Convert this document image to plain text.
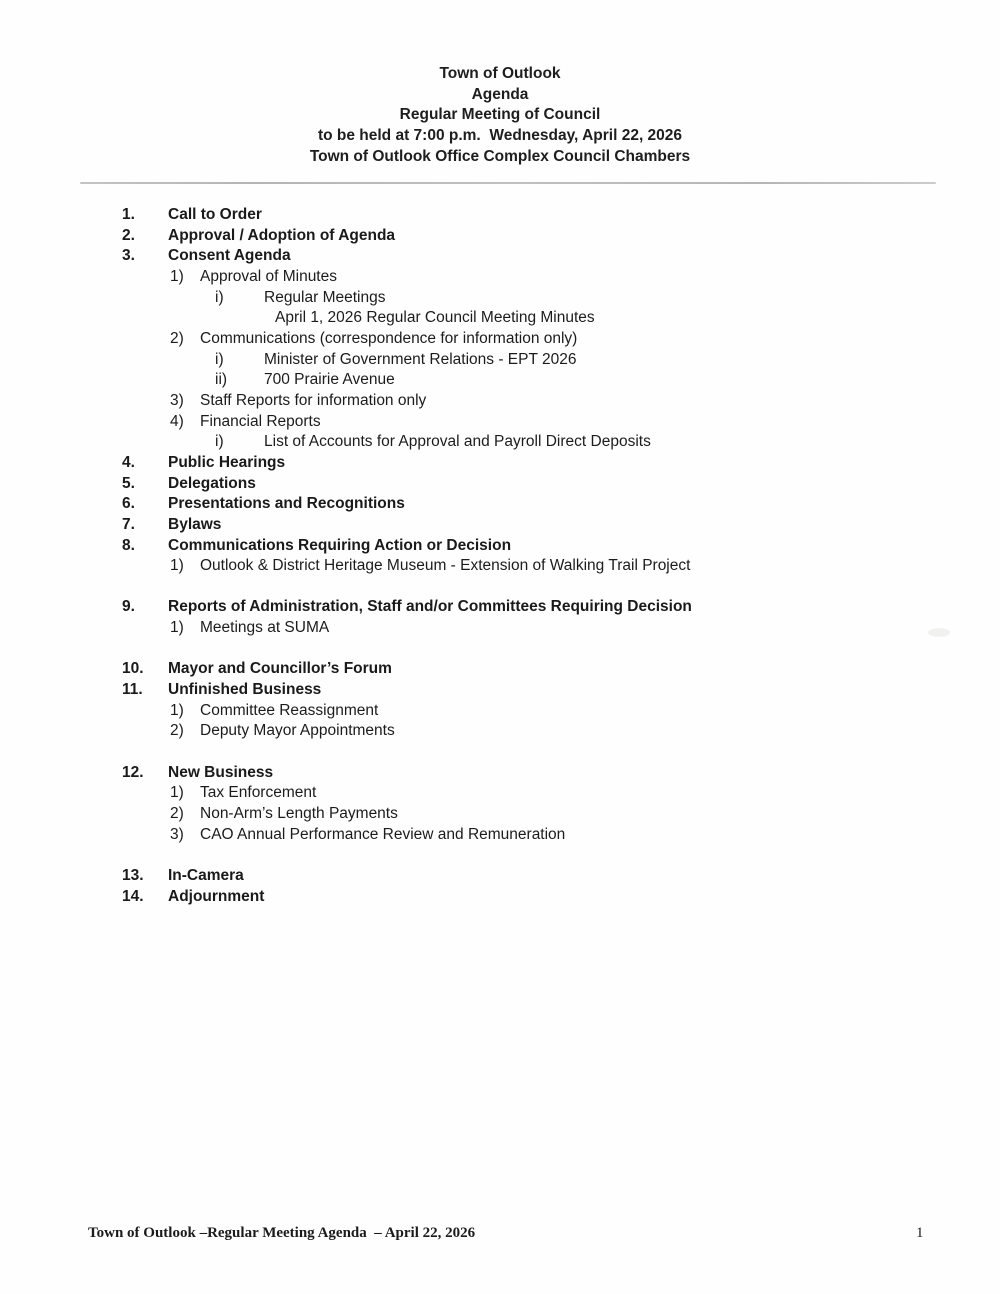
Town of Outlook
Agenda
Regular Meeting of Council
to be held at 7:00 p.m.  Wednesday, April 22, 2026
Town of Outlook Office Complex Council Chambers
1.	Call to Order
2.	Approval / Adoption of Agenda
3.	Consent Agenda
1)	Approval of Minutes
i)	Regular Meetings
April 1, 2026 Regular Council Meeting Minutes
2)	Communications (correspondence for information only)
i)	Minister of Government Relations - EPT 2026
ii)	700 Prairie Avenue
3)	Staff Reports for information only
4)	Financial Reports
i)	List of Accounts for Approval and Payroll Direct Deposits
4.	Public Hearings
5.	Delegations
6.	Presentations and Recognitions
7.	Bylaws
8.	Communications Requiring Action or Decision
1)	Outlook & District Heritage Museum - Extension of Walking Trail Project
9.	Reports of Administration, Staff and/or Committees Requiring Decision
1)	Meetings at SUMA
10.	Mayor and Councillor’s Forum
11.	Unfinished Business
1)	Committee Reassignment
2)	Deputy Mayor Appointments
12.	New Business
1)	Tax Enforcement
2)	Non-Arm’s Length Payments
3)	CAO Annual Performance Review and Remuneration
13.	In-Camera
14.	Adjournment
Town of Outlook –Regular Meeting Agenda  – April 22, 2026	1
